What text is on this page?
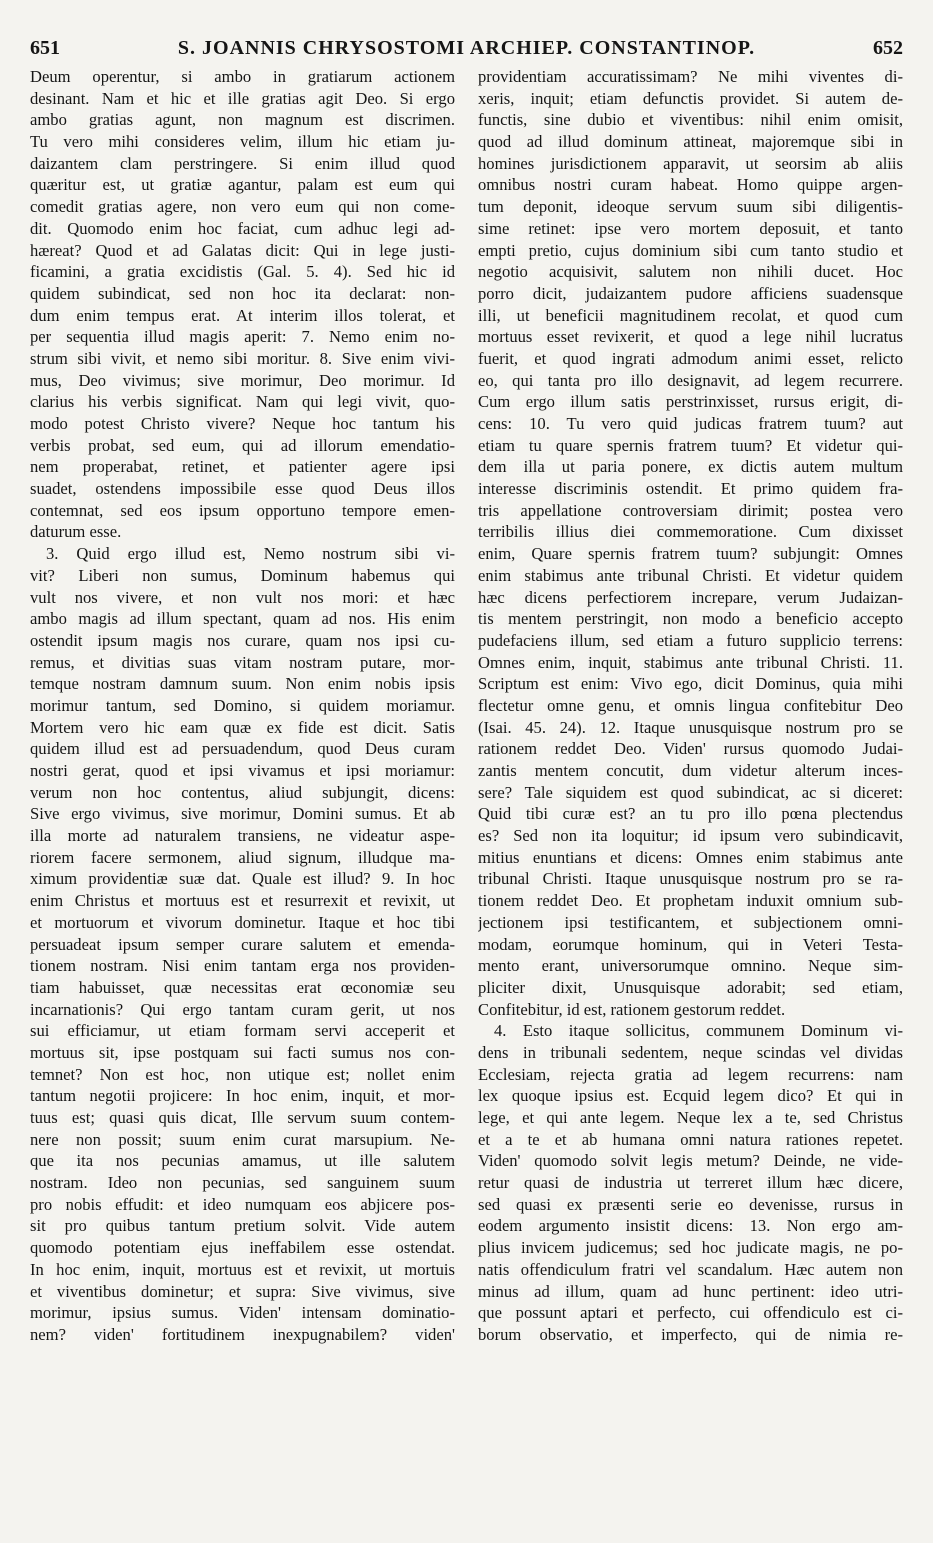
651	S. JOANNIS CHRYSOSTOMI ARCHIEP. CONSTANTINOP.	652
Deum operentur, si ambo in gratiarum actionem
desinant. Nam et hic et ille gratias agit Deo. Si ergo
ambo gratias agunt, non magnum est discrimen.
Tu vero mihi consideres velim, illum hic etiam ju-
daizantem clam perstringere. Si enim illud quod
quæritur est, ut gratiæ agantur, palam est eum qui
comedit gratias agere, non vero eum qui non come-
dit. Quomodo enim hoc faciat, cum adhuc legi ad-
hæreat? Quod et ad Galatas dicit: Qui in lege justi-
ficamini, a gratia excidistis (Gal. 5. 4). Sed hic id
quidem subindicat, sed non hoc ita declarat: non-
dum enim tempus erat. At interim illos tolerat, et
per sequentia illud magis aperit: 7. Nemo enim no-
strum sibi vivit, et nemo sibi moritur. 8. Sive enim vivi-
mus, Deo vivimus; sive morimur, Deo morimur. Id
clarius his verbis significat. Nam qui legi vivit, quo-
modo potest Christo vivere? Neque hoc tantum his
verbis probat, sed eum, qui ad illorum emendatio-
nem properabat, retinet, et patienter agere ipsi
suadet, ostendens impossibile esse quod Deus illos
contemnat, sed eos ipsum opportuno tempore emen-
daturum esse.
3. Quid ergo illud est, Nemo nostrum sibi vi-
vit? Liberi non sumus, Dominum habemus qui
vult nos vivere, et non vult nos mori: et hæc
ambo magis ad illum spectant, quam ad nos. His enim
ostendit ipsum magis nos curare, quam nos ipsi cu-
remus, et divitias suas vitam nostram putare, mor-
temque nostram damnum suum. Non enim nobis ipsis
morimur tantum, sed Domino, si quidem moriamur.
Mortem vero hic eam quæ ex fide est dicit. Satis
quidem illud est ad persuadendum, quod Deus curam
nostri gerat, quod et ipsi vivamus et ipsi moriamur:
verum non hoc contentus, aliud subjungit, dicens:
Sive ergo vivimus, sive morimur, Domini sumus. Et ab
illa morte ad naturalem transiens, ne videatur aspe-
riorem facere sermonem, aliud signum, illudque ma-
ximum providentiæ suæ dat. Quale est illud? 9. In hoc
enim Christus et mortuus est et resurrexit et revixit, ut
et mortuorum et vivorum dominetur. Itaque et hoc tibi
persuadeat ipsum semper curare salutem et emenda-
tionem nostram. Nisi enim tantam erga nos providen-
tiam habuisset, quæ necessitas erat œconomiæ seu
incarnationis? Qui ergo tantam curam gerit, ut nos
sui efficiamur, ut etiam formam servi acceperit et
mortuus sit, ipse postquam sui facti sumus nos con-
temnet? Non est hoc, non utique est; nollet enim
tantum negotii projicere: In hoc enim, inquit, et mor-
tuus est; quasi quis dicat, Ille servum suum contem-
nere non possit; suum enim curat marsupium. Ne-
que ita nos pecunias amamus, ut ille salutem
nostram. Ideo non pecunias, sed sanguinem suum
pro nobis effudit: et ideo numquam eos abjicere pos-
sit pro quibus tantum pretium solvit. Vide autem
quomodo potentiam ejus ineffabilem esse ostendat.
In hoc enim, inquit, mortuus est et revixit, ut mortuis
et viventibus dominetur; et supra: Sive vivimus, sive
morimur, ipsius sumus. Viden' intensam dominatio-
nem? viden' fortitudinem inexpugnabilem? viden'
providentiam accuratissimam? Ne mihi viventes di-
xeris, inquit; etiam defunctis providet. Si autem de-
functis, sine dubio et viventibus: nihil enim omisit,
quod ad illud dominum attineat, majoremque sibi in
homines jurisdictionem apparavit, ut seorsim ab aliis
omnibus nostri curam habeat. Homo quippe argen-
tum deponit, ideoque servum suum sibi diligentis-
sime retinet: ipse vero mortem deposuit, et tanto
empti pretio, cujus dominium sibi cum tanto studio et
negotio acquisivit, salutem non nihili ducet. Hoc
porro dicit, judaizantem pudore afficiens suadensque
illi, ut beneficii magnitudinem recolat, et quod cum
mortuus esset revixerit, et quod a lege nihil lucratus
fuerit, et quod ingrati admodum animi esset, relicto
eo, qui tanta pro illo designavit, ad legem recurrere.
Cum ergo illum satis perstrinxisset, rursus erigit, di-
cens: 10. Tu vero quid judicas fratrem tuum? aut
etiam tu quare spernis fratrem tuum? Et videtur qui-
dem illa ut paria ponere, ex dictis autem multum
interesse discriminis ostendit. Et primo quidem fra-
tris appellatione controversiam dirimit; postea vero
terribilis illius diei commemoratione. Cum dixisset
enim, Quare spernis fratrem tuum? subjungit: Omnes
enim stabimus ante tribunal Christi. Et videtur quidem
hæc dicens perfectiorem increpare, verum Judaizan-
tis mentem perstringit, non modo a beneficio accepto
pudefaciens illum, sed etiam a futuro supplicio terrens:
Omnes enim, inquit, stabimus ante tribunal Christi. 11.
Scriptum est enim: Vivo ego, dicit Dominus, quia mihi
flectetur omne genu, et omnis lingua confitebitur Deo
(Isai. 45. 24). 12. Itaque unusquisque nostrum pro se
rationem reddet Deo. Viden' rursus quomodo Judai-
zantis mentem concutit, dum videtur alterum inces-
sere? Tale siquidem est quod subindicat, ac si diceret:
Quid tibi curæ est? an tu pro illo pœna plectendus
es? Sed non ita loquitur; id ipsum vero subindicavit,
mitius enuntians et dicens: Omnes enim stabimus ante
tribunal Christi. Itaque unusquisque nostrum pro se ra-
tionem reddet Deo. Et prophetam induxit omnium sub-
jectionem ipsi testificantem, et subjectionem omni-
modam, eorumque hominum, qui in Veteri Testa-
mento erant, universorumque omnino. Neque sim-
pliciter dixit, Unusquisque adorabit; sed etiam,
Confitebitur, id est, rationem gestorum reddet.
4. Esto itaque sollicitus, communem Dominum vi-
dens in tribunali sedentem, neque scindas vel dividas
Ecclesiam, rejecta gratia ad legem recurrens: nam
lex quoque ipsius est. Ecquid legem dico? Et qui in
lege, et qui ante legem. Neque lex a te, sed Christus
et a te et ab humana omni natura rationes repetet.
Viden' quomodo solvit legis metum? Deinde, ne vide-
retur quasi de industria ut terreret illum hæc dicere,
sed quasi ex præsenti serie eo devenisse, rursus in
eodem argumento insistit dicens: 13. Non ergo am-
plius invicem judicemus; sed hoc judicate magis, ne po-
natis offendiculum fratri vel scandalum. Hæc autem non
minus ad illum, quam ad hunc pertinent: ideo utri-
que possunt aptari et perfecto, cui offendiculo est ci-
borum observatio, et imperfecto, qui de nimia re-
